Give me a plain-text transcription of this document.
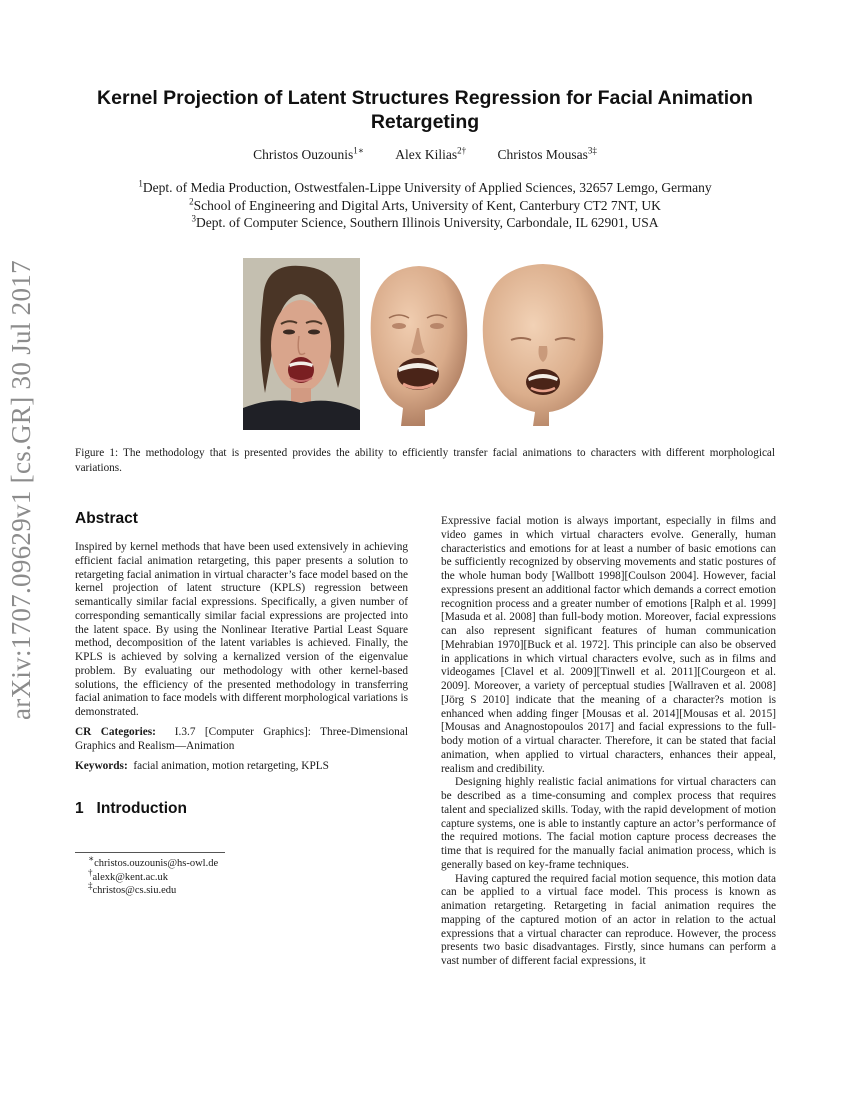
arXiv:1707.09629v1 [cs.GR] 30 Jul 2017
Kernel Projection of Latent Structures Regression for Facial Animation Retargeting
Christos Ouzounis$^{1∗}$ Alex Kilias$^{2\dagger}$ Christos Mousas$^{3\ddagger}$
$^1$Dept. of Media Production, Ostwestfalen-Lippe University of Applied Sciences, 32657 Lemgo, Germany
$^2$School of Engineering and Digital Arts, University of Kent, Canterbury CT2 7NT, UK
$^3$Dept. of Computer Science, Southern Illinois University, Carbondale, IL 62901, USA
Figure 1: The methodology that is presented provides the ability to efficiently transfer facial animations to characters with different morphological variations.
Abstract
Inspired by kernel methods that have been used extensively in achieving efficient facial animation retargeting, this paper presents a solution to retargeting facial animation in virtual character’s face model based on the kernel projection of latent structure (KPLS) regression between semantically similar facial expressions. Specifically, a given number of corresponding semantically similar facial expressions are projected into the latent space. By using the Nonlinear Iterative Partial Least Square method, decomposition of the latent variables is achieved. Finally, the KPLS is achieved by solving a kernalized version of the eigenvalue problem. By evaluating our methodology with other kernel-based solutions, the efficiency of the presented methodology in transferring facial animation to face models with different morphological variations is demonstrated.
CR Categories: I.3.7 [Computer Graphics]: Three-Dimensional Graphics and Realism—Animation
Keywords: facial animation, motion retargeting, KPLS
1 Introduction
∗christos.ouzounis@hs-owl.de
†alexk@kent.ac.uk
‡christos@cs.siu.edu
Expressive facial motion is always important, especially in films and video games in which virtual characters evolve. Generally, human characteristics and emotions for at least a number of basic emotions can be sufficiently recognized by observing movements and static postures of the whole human body [Wallbott 1998][Coulson 2004]. However, facial expressions present an additional factor which demands a correct emotion recognition process and a greater number of emotions [Ralph et al. 1999][Masuda et al. 2008] than full-body motion. Moreover, facial expressions can also represent significant features of human communication [Mehrabian 1970][Buck et al. 1972]. This principle can also be observed in applications in which virtual characters evolve, such as in films and videogames [Clavel et al. 2009][Tinwell et al. 2011][Courgeon et al. 2009]. Moreover, a variety of perceptual studies [Wallraven et al. 2008][Jörg S 2010] indicate that the meaning of a character?s motion is enhanced when adding finger [Mousas et al. 2014][Mousas et al. 2015][Mousas and Anagnostopoulos 2017] and facial expressions to the full-body motion of a virtual character. Therefore, it can be stated that facial animation, when applied to virtual characters, enhances their appeal, realism and credibility.
Designing highly realistic facial animations for virtual characters can be described as a time-consuming and complex process that requires talent and specialized skills. Today, with the rapid development of motion capture systems, one is able to instantly capture an actor’s performance of the required motions. The facial motion capture process decreases the time that is required for the manually facial animation process, which is generally based on key-frame techniques.
Having captured the required facial motion sequence, this motion data can be applied to a virtual face model. This process is known as animation retargeting. Retargeting in facial animation requires the mapping of the captured motion of an actor in relation to the actual expressions that a virtual character can reproduce. However, the process presents two basic disadvantages. Firstly, since humans can perform a vast number of different facial expressions, it
